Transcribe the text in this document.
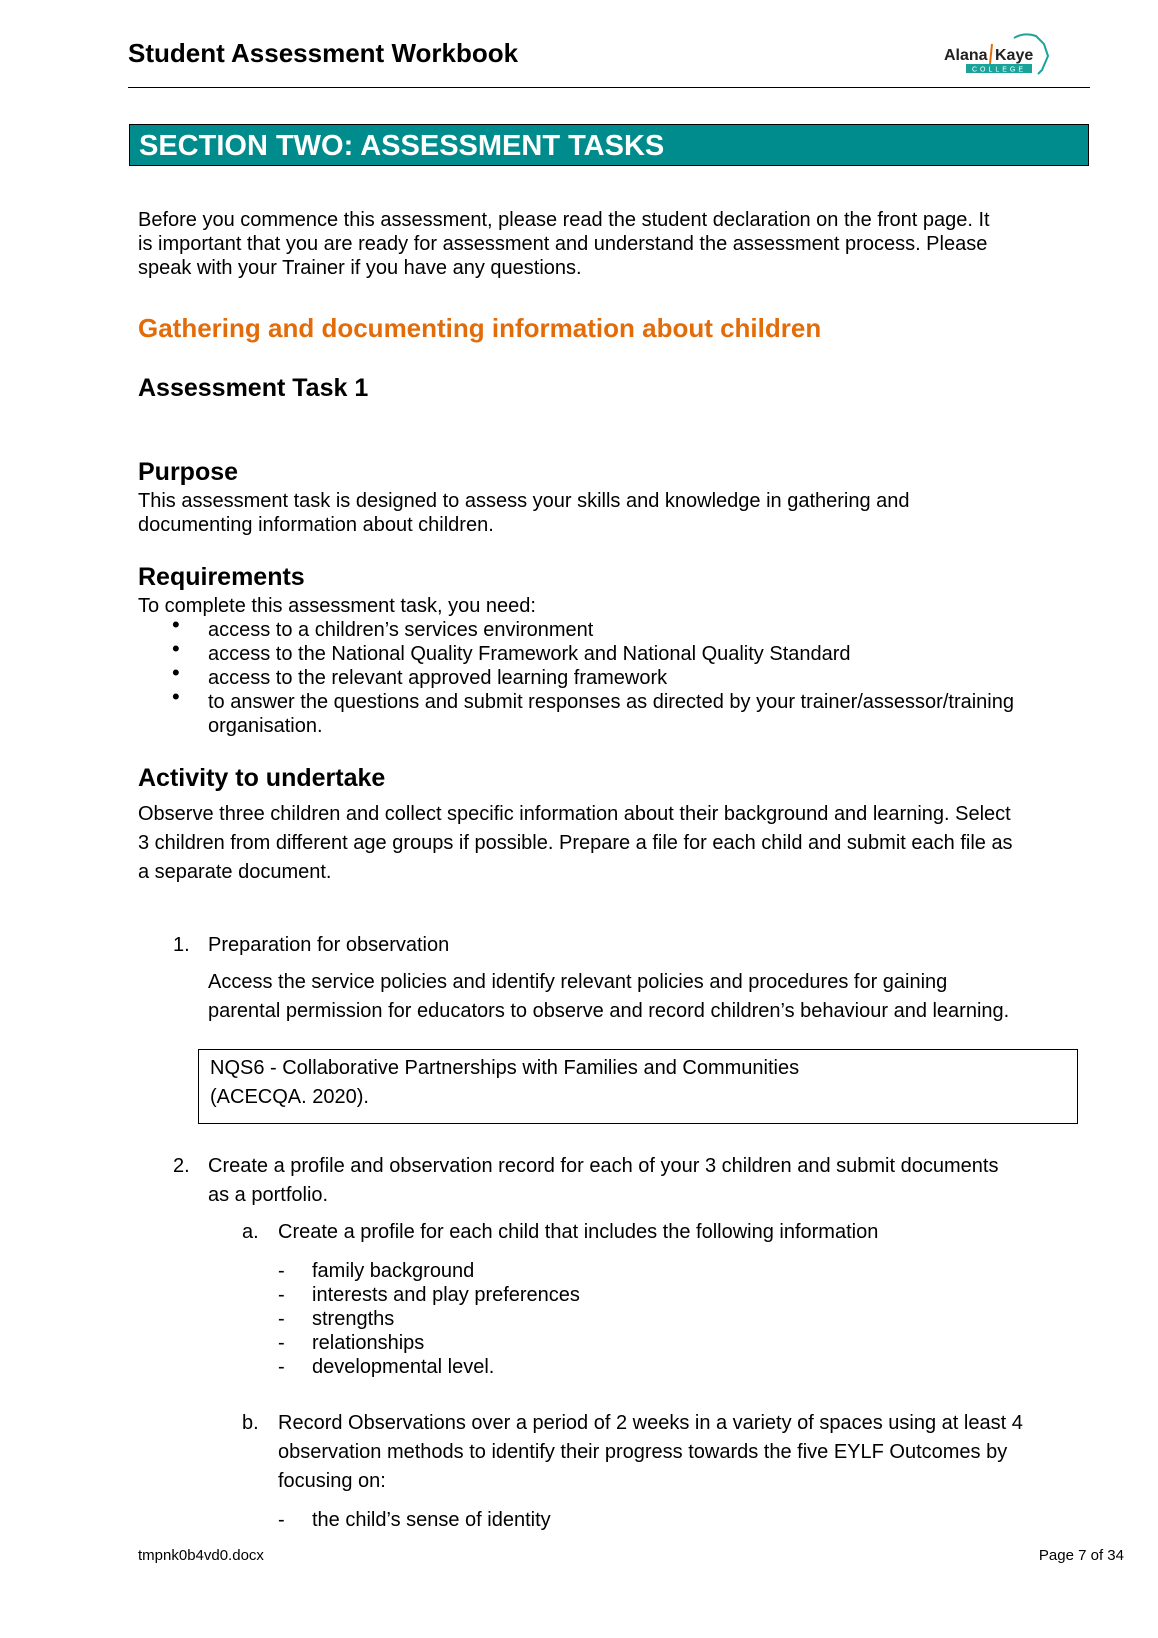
Student Assessment Workbook	Alana Kaye
COLLEGE
SECTION TWO: ASSESSMENT TASKS
Before you commence this assessment, please read the student declaration on the front page. It
is important that you are ready for assessment and understand the assessment process. Please
speak with your Trainer if you have any questions.
Gathering and documenting information about children
Assessment Task 1
Purpose
This assessment task is designed to assess your skills and knowledge in gathering and
documenting information about children.
Requirements
To complete this assessment task, you need:
• access to a children’s services environment
• access to the National Quality Framework and National Quality Standard
• access to the relevant approved learning framework
• to answer the questions and submit responses as directed by your trainer/assessor/training
organisation.
Activity to undertake
Observe three children and collect specific information about their background and learning. Select
3 children from different age groups if possible. Prepare a file for each child and submit each file as
a separate document.
1. Preparation for observation
Access the service policies and identify relevant policies and procedures for gaining
parental permission for educators to observe and record children’s behaviour and learning.
NQS6 - Collaborative Partnerships with Families and Communities
(ACECQA. 2020).
2. Create a profile and observation record for each of your 3 children and submit documents
as a portfolio.
a. Create a profile for each child that includes the following information
- family background
- interests and play preferences
- strengths
- relationships
- developmental level.
b. Record Observations over a period of 2 weeks in a variety of spaces using at least 4
observation methods to identify their progress towards the five EYLF Outcomes by
focusing on:
- the child’s sense of identity
tmpnk0b4vd0.docx	Page 7 of 34
